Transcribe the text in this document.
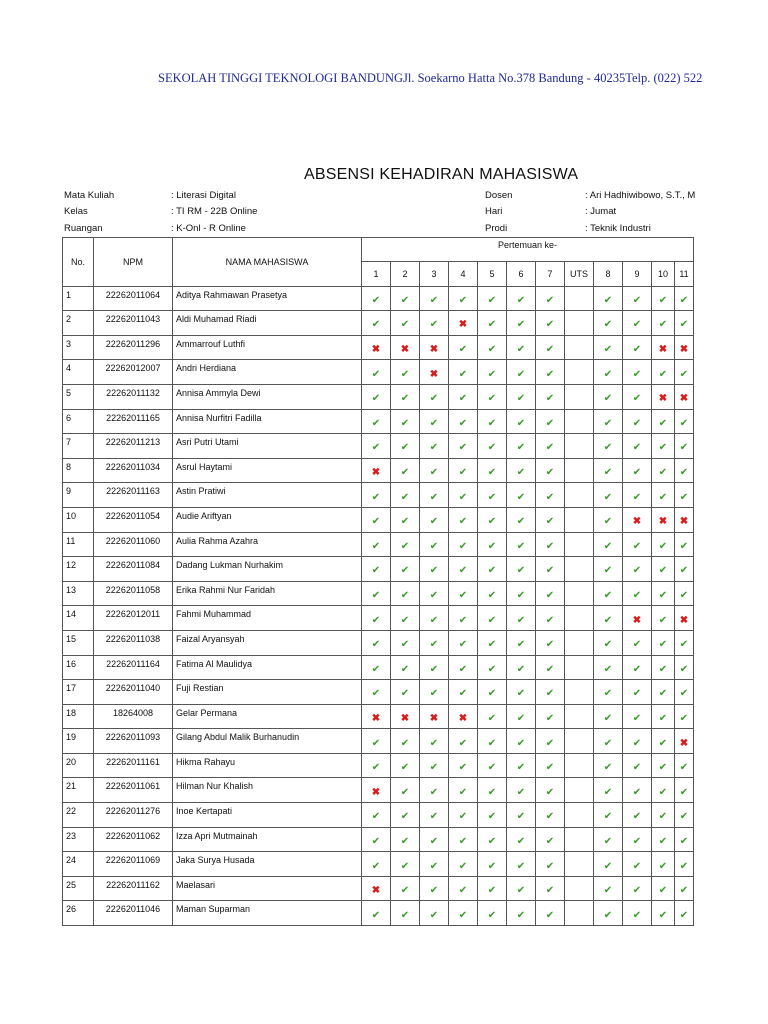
SEKOLAH TINGGI TEKNOLOGI BANDUNGJl. Soekarno Hatta No.378 Bandung - 40235Telp. (022) 522
ABSENSI KEHADIRAN MAHASISWA
Mata Kuliah	: Literasi Digital
Kelas	: TI RM - 22B Online
Ruangan	: K-Onl - R Online
Dosen	: Ari Hadhiwibowo, S.T., M
Hari	: Jumat
Prodi	: Teknik Industri
No.	NPM	NAMA MAHASISWA	Pertemuan ke-											
			1	2	3	4	5	6	7	UTS	8	9	10	11
1	22262011064	Aditya Rahmawan Prasetya	✔	✔	✔	✔	✔	✔	✔		✔	✔	✔	✔
2	22262011043	Aldi Muhamad Riadi	✔	✔	✔	✖	✔	✔	✔		✔	✔	✔	✔
3	22262011296	Ammarrouf Luthfi	✖	✖	✖	✔	✔	✔	✔		✔	✔	✖	✖
4	22262012007	Andri Herdiana	✔	✔	✖	✔	✔	✔	✔		✔	✔	✔	✔
5	22262011132	Annisa Ammyla Dewi	✔	✔	✔	✔	✔	✔	✔		✔	✔	✖	✖
6	22262011165	Annisa Nurfitri Fadilla	✔	✔	✔	✔	✔	✔	✔		✔	✔	✔	✔
7	22262011213	Asri Putri Utami	✔	✔	✔	✔	✔	✔	✔		✔	✔	✔	✔
8	22262011034	Asrul Haytami	✖	✔	✔	✔	✔	✔	✔		✔	✔	✔	✔
9	22262011163	Astin Pratiwi	✔	✔	✔	✔	✔	✔	✔		✔	✔	✔	✔
10	22262011054	Audie Ariftyan	✔	✔	✔	✔	✔	✔	✔		✔	✖	✖	✖
11	22262011060	Aulia Rahma Azahra	✔	✔	✔	✔	✔	✔	✔		✔	✔	✔	✔
12	22262011084	Dadang Lukman Nurhakim	✔	✔	✔	✔	✔	✔	✔		✔	✔	✔	✔
13	22262011058	Erika Rahmi Nur Faridah	✔	✔	✔	✔	✔	✔	✔		✔	✔	✔	✔
14	22262012011	Fahmi Muhammad	✔	✔	✔	✔	✔	✔	✔		✔	✖	✔	✖
15	22262011038	Faizal Aryansyah	✔	✔	✔	✔	✔	✔	✔		✔	✔	✔	✔
16	22262011164	Fatima Al Maulidya	✔	✔	✔	✔	✔	✔	✔		✔	✔	✔	✔
17	22262011040	Fuji Restian	✔	✔	✔	✔	✔	✔	✔		✔	✔	✔	✔
18	18264008	Gelar Permana	✖	✖	✖	✖	✔	✔	✔		✔	✔	✔	✔
19	22262011093	Gilang Abdul Malik Burhanudin	✔	✔	✔	✔	✔	✔	✔		✔	✔	✔	✖
20	22262011161	Hikma Rahayu	✔	✔	✔	✔	✔	✔	✔		✔	✔	✔	✔
21	22262011061	Hilman Nur Khalish	✖	✔	✔	✔	✔	✔	✔		✔	✔	✔	✔
22	22262011276	Inoe Kertapati	✔	✔	✔	✔	✔	✔	✔		✔	✔	✔	✔
23	22262011062	Izza Apri Mutmainah	✔	✔	✔	✔	✔	✔	✔		✔	✔	✔	✔
24	22262011069	Jaka Surya Husada	✔	✔	✔	✔	✔	✔	✔		✔	✔	✔	✔
25	22262011162	Maelasari	✖	✔	✔	✔	✔	✔	✔		✔	✔	✔	✔
26	22262011046	Maman Suparman	✔	✔	✔	✔	✔	✔	✔		✔	✔	✔	✔
